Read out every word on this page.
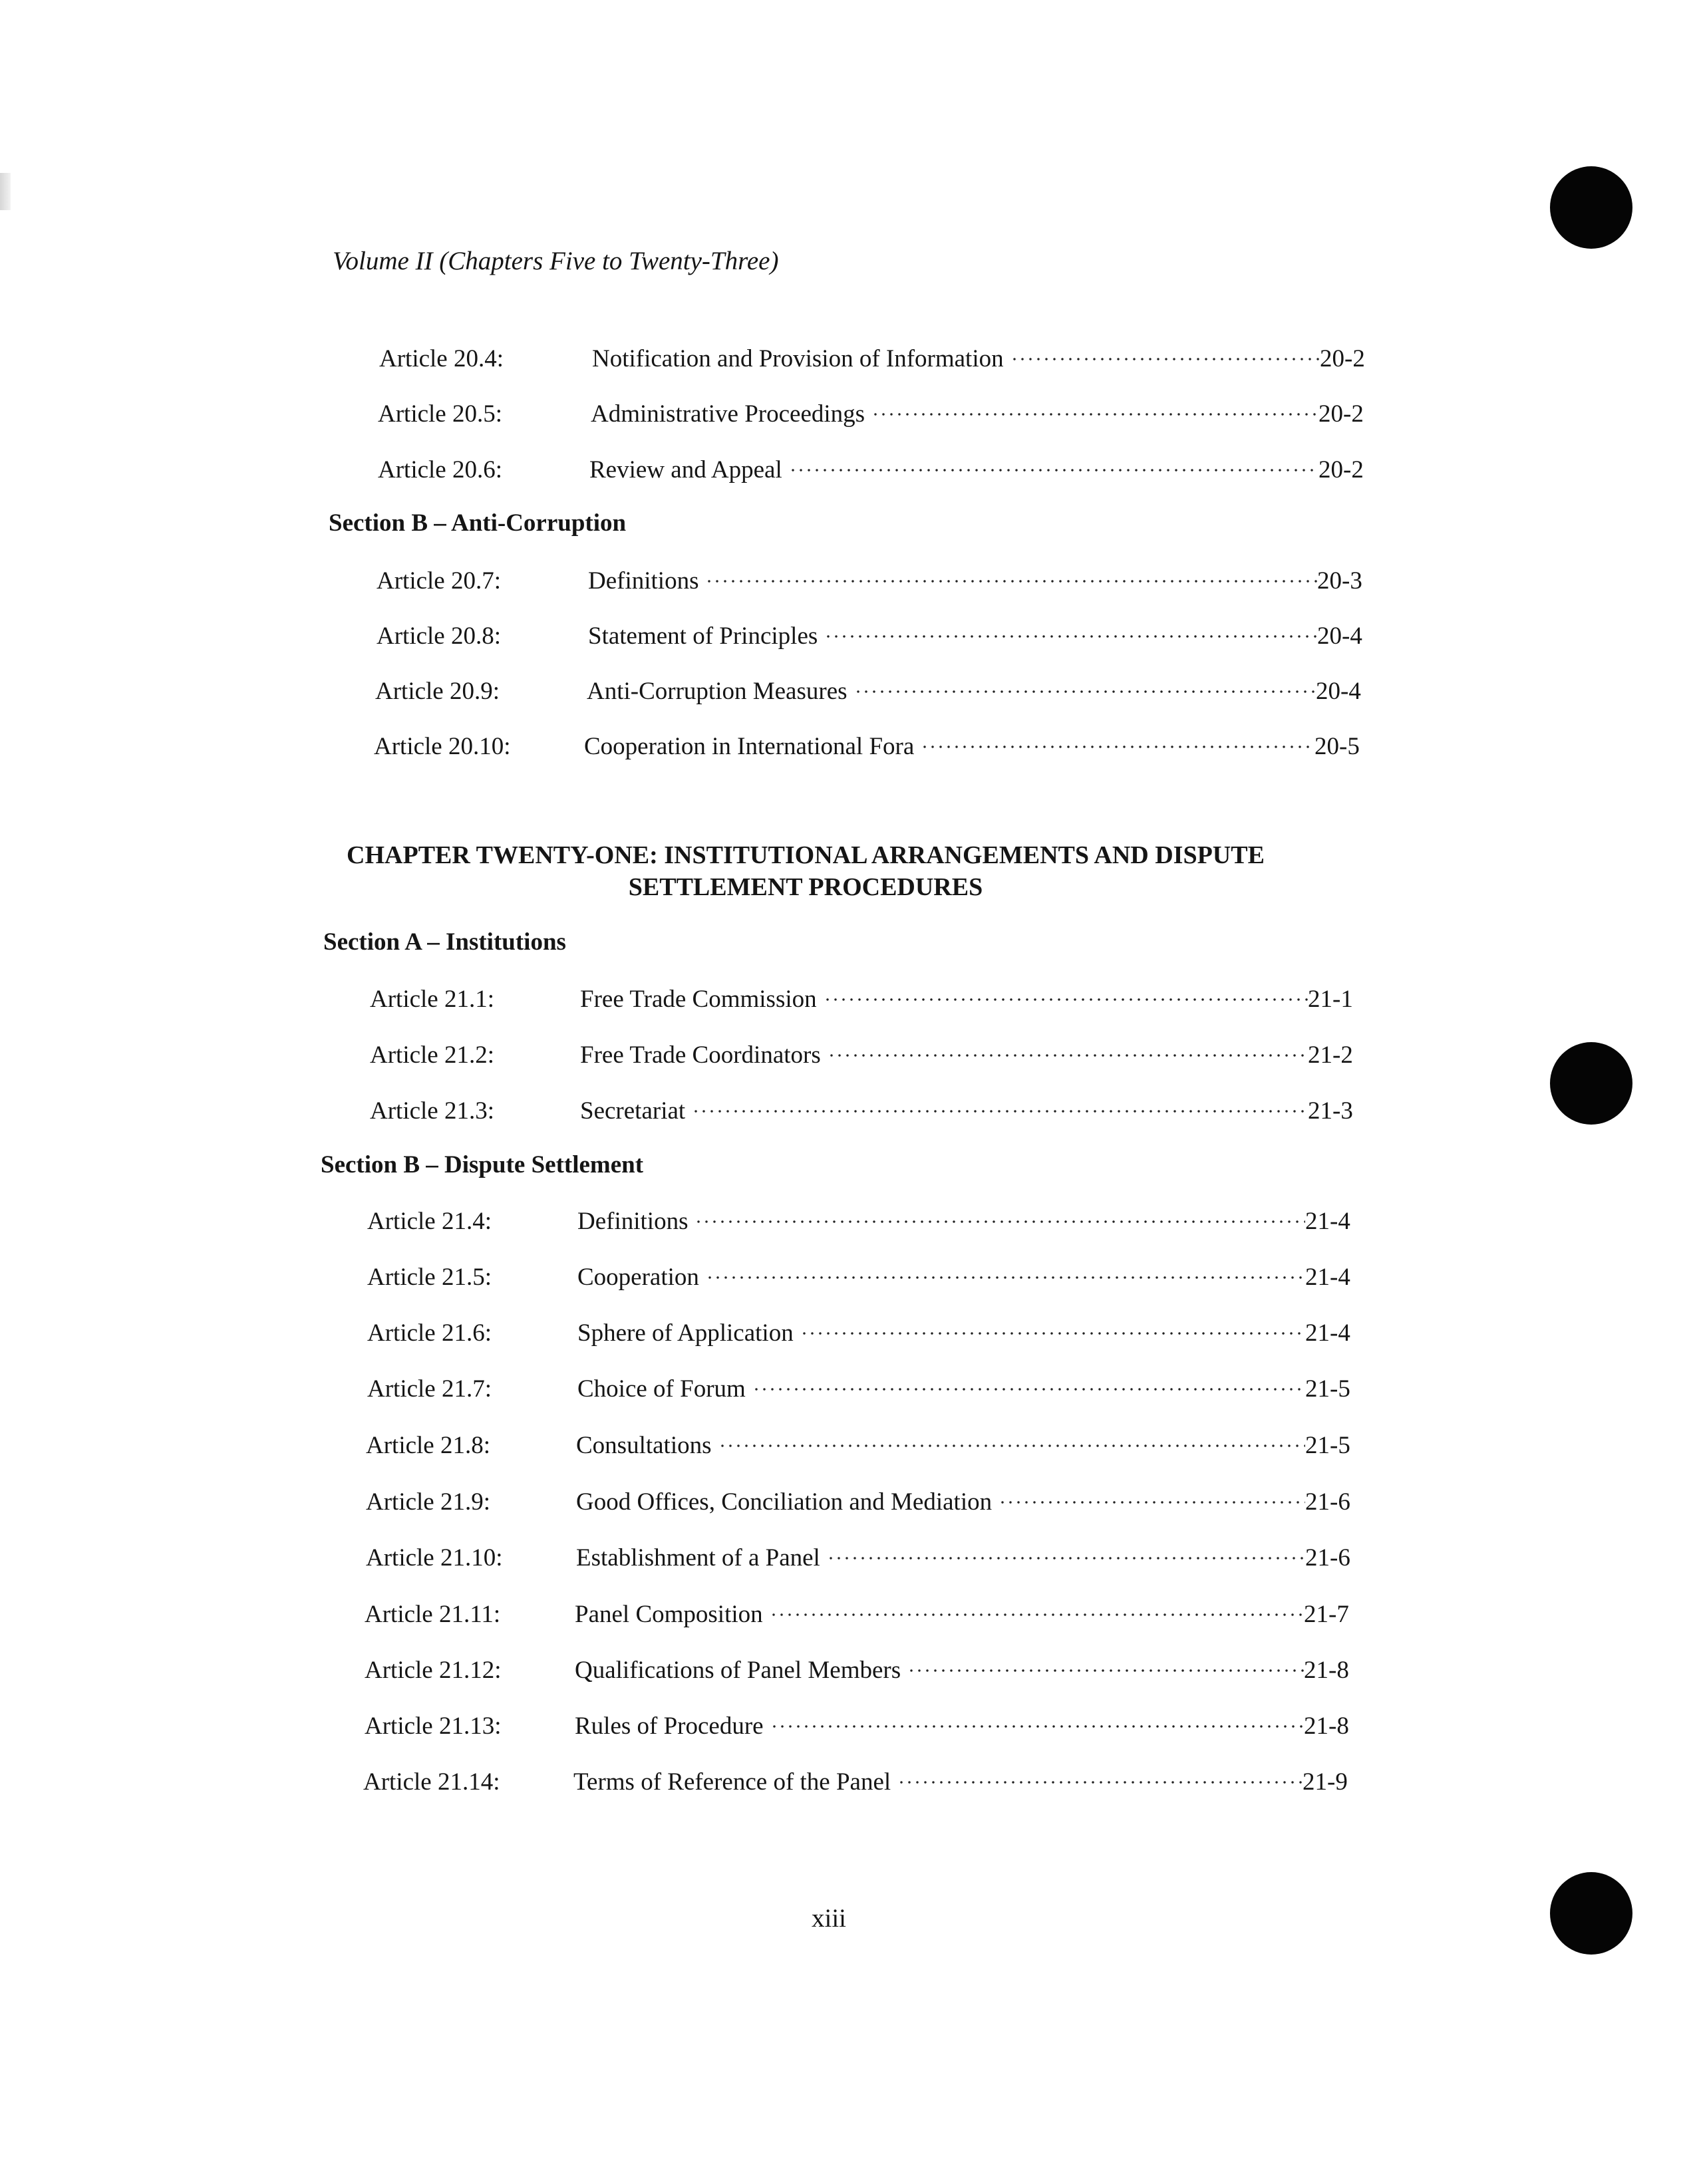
Volume II (Chapters Five to Twenty-Three)
Article 20.4:	Notification and Provision of Information	20-2
Article 20.5:	Administrative Proceedings	20-2
Article 20.6:	Review and Appeal	20-2
Section B – Anti-Corruption
Article 20.7:	Definitions	20-3
Article 20.8:	Statement of Principles	20-4
Article 20.9:	Anti-Corruption Measures	20-4
Article 20.10:	Cooperation in International Fora	20-5
CHAPTER TWENTY-ONE: INSTITUTIONAL ARRANGEMENTS AND DISPUTE
SETTLEMENT PROCEDURES
Section A – Institutions
Article 21.1:	Free Trade Commission	21-1
Article 21.2:	Free Trade Coordinators	21-2
Article 21.3:	Secretariat	21-3
Section B – Dispute Settlement
Article 21.4:	Definitions	21-4
Article 21.5:	Cooperation	21-4
Article 21.6:	Sphere of Application	21-4
Article 21.7:	Choice of Forum	21-5
Article 21.8:	Consultations	21-5
Article 21.9:	Good Offices, Conciliation and Mediation	21-6
Article 21.10:	Establishment of a Panel	21-6
Article 21.11:	Panel Composition	21-7
Article 21.12:	Qualifications of Panel Members	21-8
Article 21.13:	Rules of Procedure	21-8
Article 21.14:	Terms of Reference of the Panel	21-9
xiii
